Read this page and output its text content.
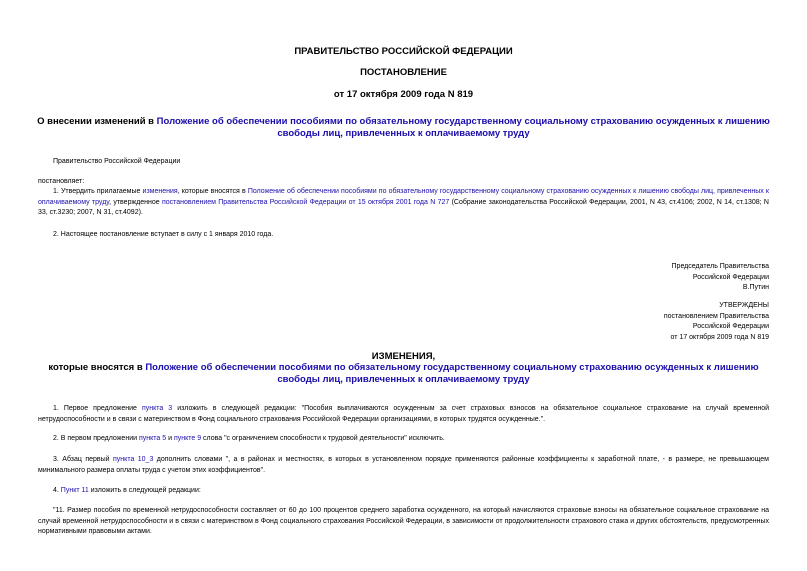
ПРАВИТЕЛЬСТВО РОССИЙСКОЙ ФЕДЕРАЦИИ
ПОСТАНОВЛЕНИЕ
от 17 октября 2009 года N 819
О внесении изменений в Положение об обеспечении пособиями по обязательному государственному социальному страхованию осужденных к лишению свободы лиц, привлеченных к оплачиваемому труду
Правительство Российской Федерации
постановляет:
1. Утвердить прилагаемые изменения, которые вносятся в Положение об обеспечении пособиями по обязательному государственному социальному страхованию осужденных к лишению свободы лиц, привлеченных к оплачиваемому труду, утвержденное постановлением Правительства Российской Федерации от 15 октября 2001 года N 727 (Собрание законодательства Российской Федерации, 2001, N 43, ст.4106; 2002, N 14, ст.1308; N 33, ст.3230; 2007, N 31, ст.4092).
2. Настоящее постановление вступает в силу с 1 января 2010 года.
Председатель Правительства
Российской Федерации
В.Путин
УТВЕРЖДЕНЫ
постановлением Правительства
Российской Федерации
от 17 октября 2009 года N 819
ИЗМЕНЕНИЯ,
которые вносятся в Положение об обеспечении пособиями по обязательному государственному социальному страхованию осужденных к лишению свободы лиц, привлеченных к оплачиваемому труду
1. Первое предложение пункта 3 изложить в следующей редакции: "Пособия выплачиваются осужденным за счет страховых взносов на обязательное социальное страхование на случай временной нетрудоспособности и в связи с материнством в Фонд социального страхования Российской Федерации организациями, в которых трудятся осужденные.".
2. В первом предложении пункта 5 и пункте 9 слова "с ограничением способности к трудовой деятельности" исключить.
3. Абзац первый пункта 10_3 дополнить словами ", а в районах и местностях, в которых в установленном порядке применяются районные коэффициенты к заработной плате, - в размере, не превышающем минимального размера оплаты труда с учетом этих коэффициентов".
4. Пункт 11 изложить в следующей редакции:
"11. Размер пособия по временной нетрудоспособности составляет от 60 до 100 процентов среднего заработка осужденного, на который начисляются страховые взносы на обязательное социальное страхование на случай временной нетрудоспособности и в связи с материнством в Фонд социального страхования Российской Федерации, в зависимости от продолжительности страхового стажа и других обстоятельств, предусмотренных нормативными правовыми актами.
